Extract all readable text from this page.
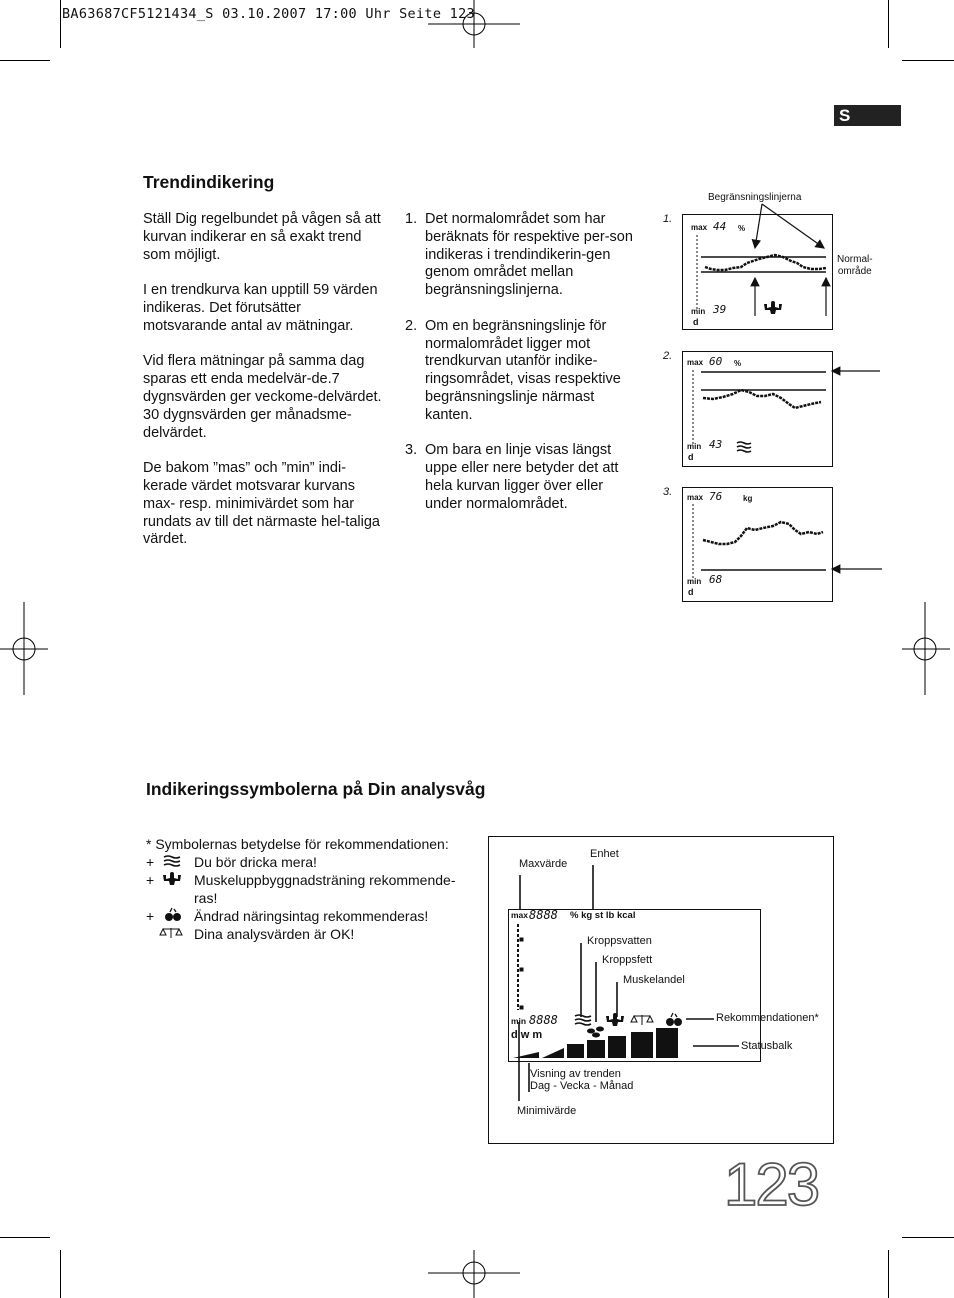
BA63687CF5121434_S 03.10.2007 17:00 Uhr Seite 123
S
Trendindikering

Ställ Dig regelbundet på vågen så att kurvan indikerar en så exakt trend som möjligt.

I en trendkurva kan upptill 59 värden indikeras. Det förutsätter motsvarande antal av mätningar.

Vid flera mätningar på samma dag sparas ett enda medelvär-de.7 dygnsvärden ger veckome-delvärdet.
30 dygnsvärden ger månadsme-delvärdet.

De bakom ”mas” och ”min” indi-kerade värdet motsvarar kurvans max- resp. minimivärdet som har rundats av till det närmaste hel-taliga värdet.

1. Det normalområdet som har beräknats för respektive per-son indikeras i trendindikerin-gen genom området mellan begränsningslinjerna.
2. Om en begränsningslinje för normalområdet ligger mot trendkurvan utanför indike-ringsområdet, visas respektive begränsningslinje närmast kanten.
3. Om bara en linje visas längst uppe eller nere betyder det att hela kurvan ligger över eller under normalområdet.
Begränsningslinjerna
Normal-
område
1.
max 44 %
min 39
d
2.
max 60 %
min 43
d
3. max 76	kg
min 68
d
Indikeringssymbolerna på Din analysvåg
* Symbolernas betydelse för rekommendationen:
+	Du bör dricka mera!
+	Muskeluppbyggnadsträning rekommende-ras!
+	Ändrad näringsintag rekommenderas!
Dina analysvärden är OK!
Maxvärde
Enhet
Kroppsvatten
Kroppsfett
Muskelandel
Rekommendationen*
Statusbalk
Visning av trenden
Dag - Vecka - Månad
Minimivärde
max 8888 % kg st lb kcal
min 8888
d w m
123
